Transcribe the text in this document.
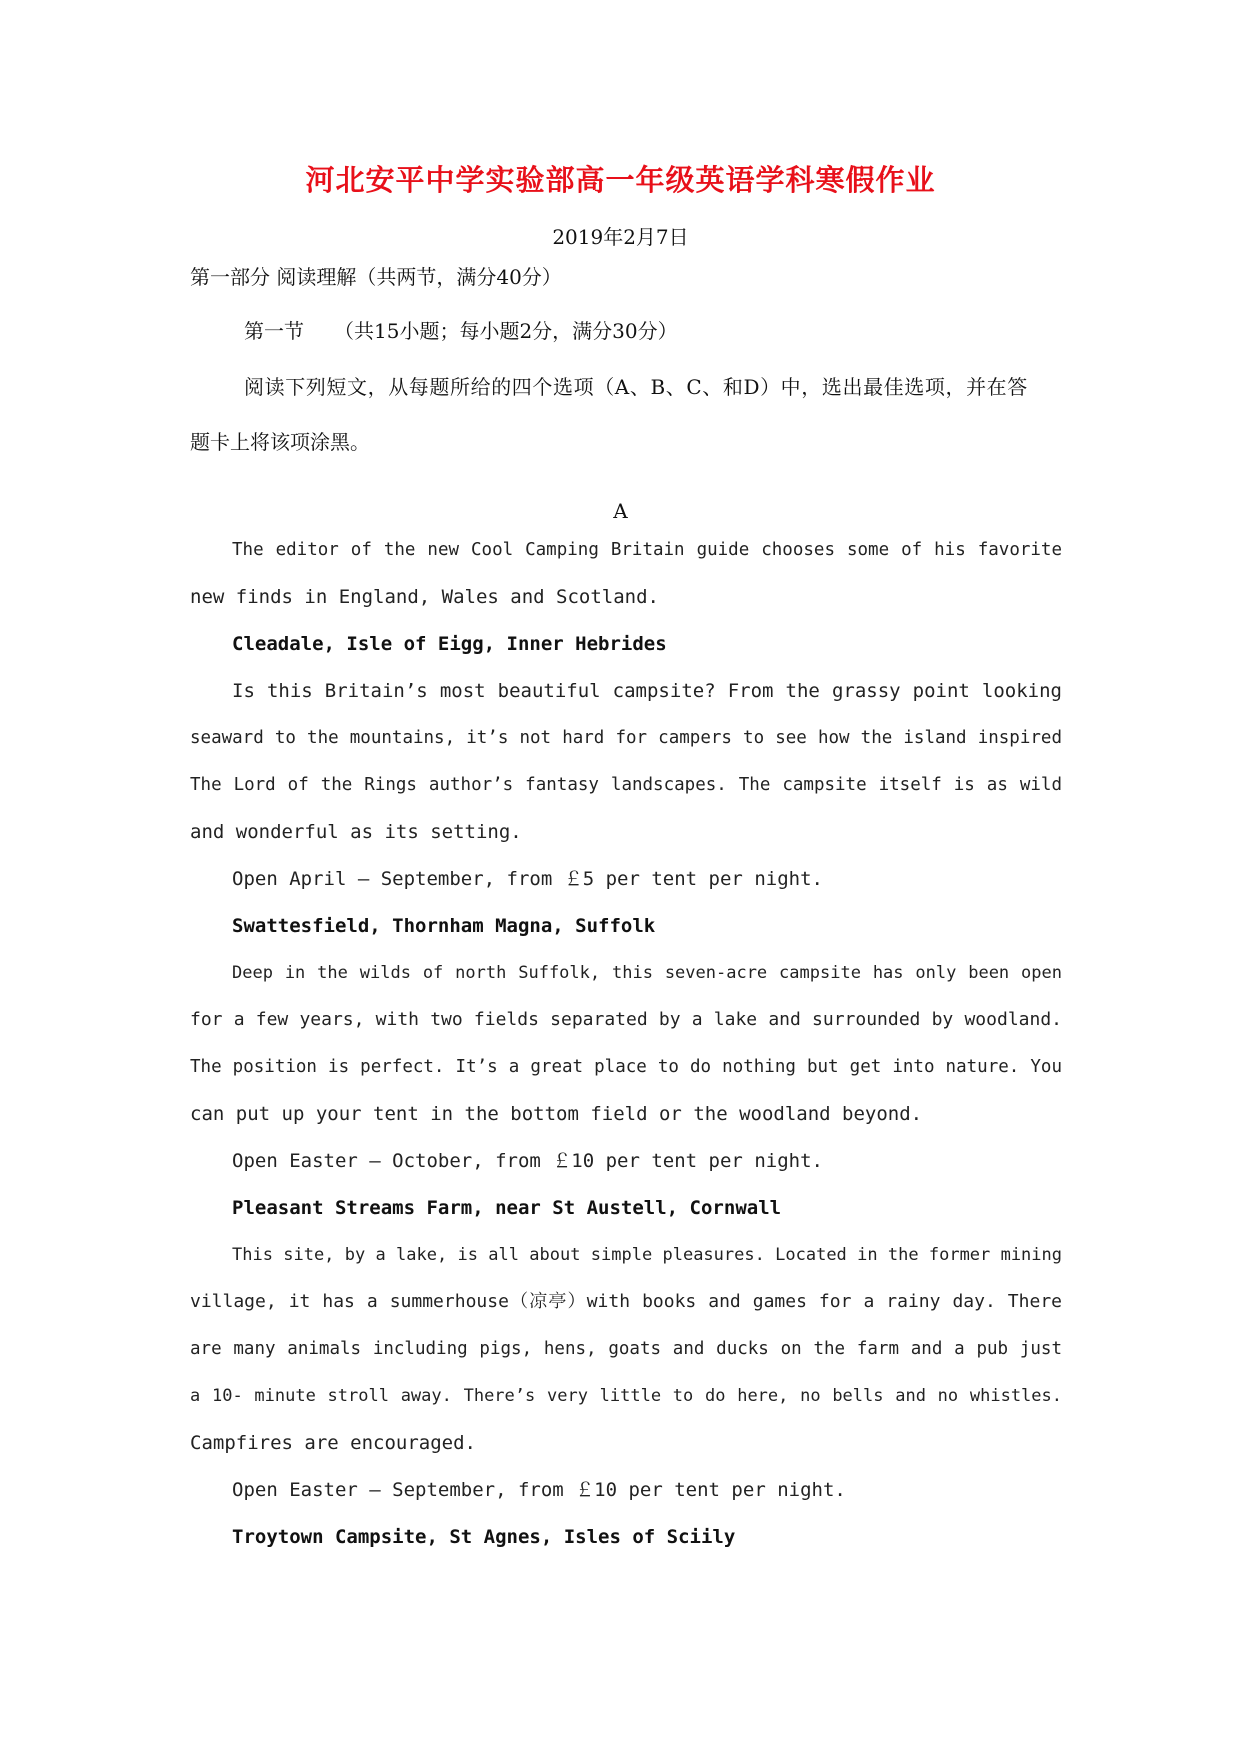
河北安平中学实验部高一年级英语学科寒假作业
2019年2月7日
第一部分 阅读理解（共两节，满分40分）
第一节　　（共15小题；每小题2分，满分30分）
阅读下列短文，从每题所给的四个选项（A、B、C、和D）中，选出最佳选项，并在答
题卡上将该项涂黑。
A
The editor of the new Cool Camping Britain guide chooses some of his favorite
new finds in England, Wales and Scotland.
Cleadale, Isle of Eigg, Inner Hebrides
Is this Britain’s most beautiful campsite? From the grassy point looking
seaward to the mountains, it’s not hard for campers to see how the island inspired
The Lord of the Rings author’s fantasy landscapes. The campsite itself is as wild
and wonderful as its setting.
Open April — September, from ￡5 per tent per night.
Swattesfield, Thornham Magna, Suffolk
Deep in the wilds of north Suffolk, this seven-acre campsite has only been open
for a few years, with two fields separated by a lake and surrounded by woodland.
The position is perfect. It’s a great place to do nothing but get into nature. You
can put up your tent in the bottom field or the woodland beyond.
Open Easter — October, from ￡10 per tent per night.
Pleasant Streams Farm, near St Austell, Cornwall
This site, by a lake, is all about simple pleasures. Located in the former mining
village, it has a summerhouse（凉亭）with books and games for a rainy day. There
are many animals including pigs, hens, goats and ducks on the farm and a pub just
a 10- minute stroll away. There’s very little to do here, no bells and no whistles.
Campfires are encouraged.
Open Easter — September, from ￡10 per tent per night.
Troytown Campsite, St Agnes, Isles of Sciily
